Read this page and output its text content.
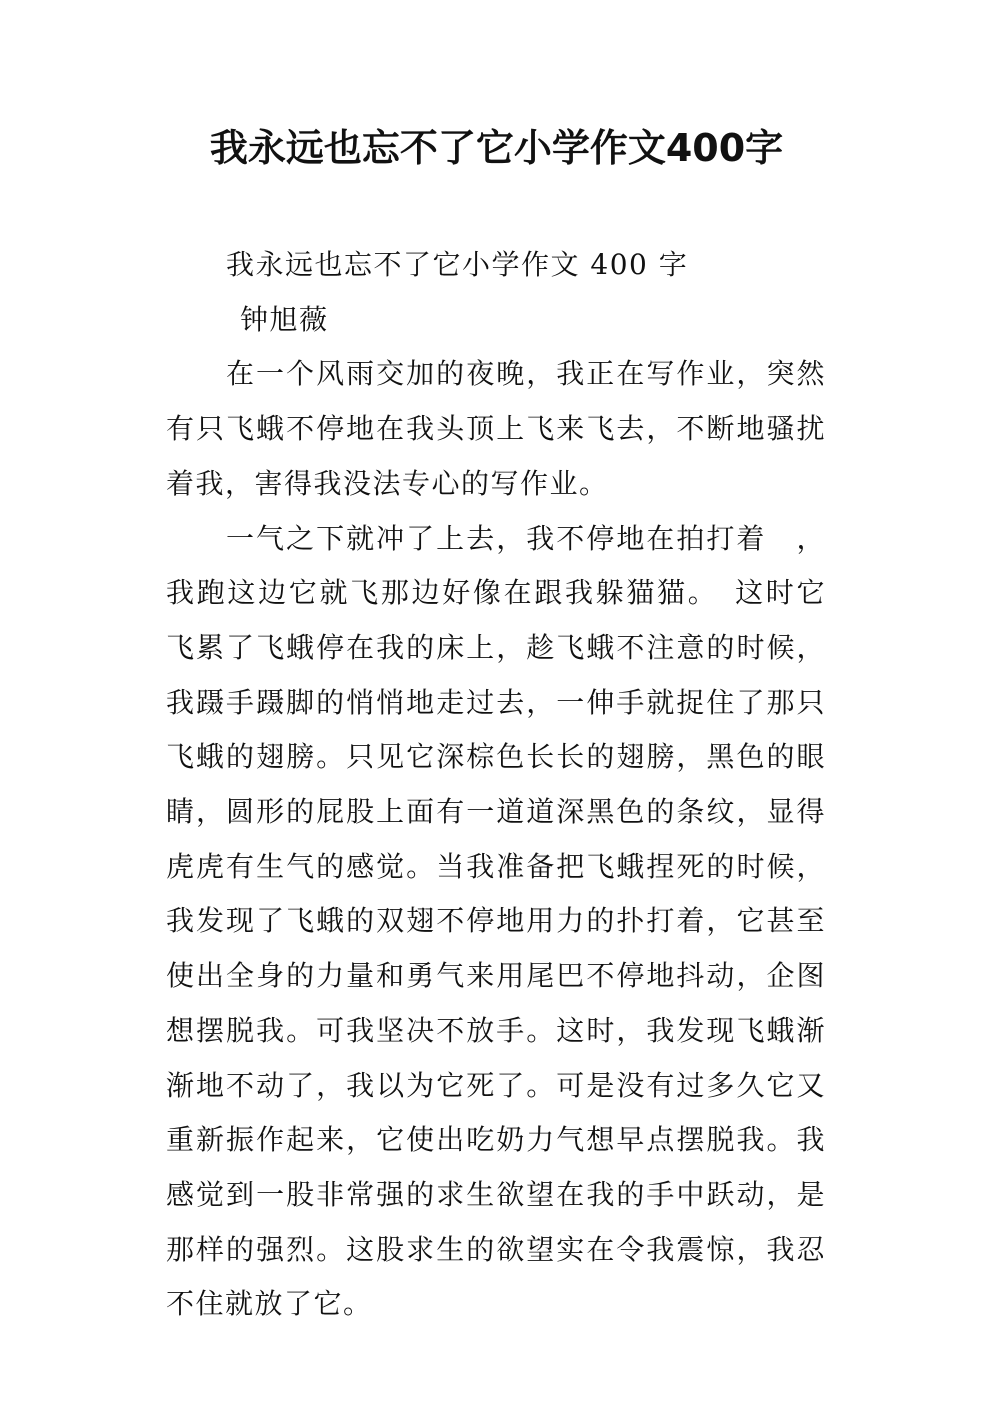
我永远也忘不了它小学作文400字

我永远也忘不了它小学作文 400 字

钟旭薇

在一个风雨交加的夜晚，我正在写作业，突然有只飞蛾不停地在我头顶上飞来飞去，不断地骚扰着我，害得我没法专心的写作业。

一气之下就冲了上去，我不停地在拍打着　，我跑这边它就飞那边好像在跟我躲猫猫。　这时它飞累了飞蛾停在我的床上，趁飞蛾不注意的时候，我蹑手蹑脚的悄悄地走过去，一伸手就捉住了那只飞蛾的翅膀。只见它深棕色长长的翅膀，黑色的眼睛，圆形的屁股上面有一道道深黑色的条纹，显得虎虎有生气的感觉。当我准备把飞蛾捏死的时候，我发现了飞蛾的双翅不停地用力的扑打着，它甚至使出全身的力量和勇气来用尾巴不停地抖动，企图想摆脱我。可我坚决不放手。这时，我发现飞蛾渐渐地不动了，我以为它死了。可是没有过多久它又重新振作起来，它使出吃奶力气想早点摆脱我。我感觉到一股非常强的求生欲望在我的手中跃动，是那样的强烈。这股求生的欲望实在令我震惊，我忍不住就放了它。
